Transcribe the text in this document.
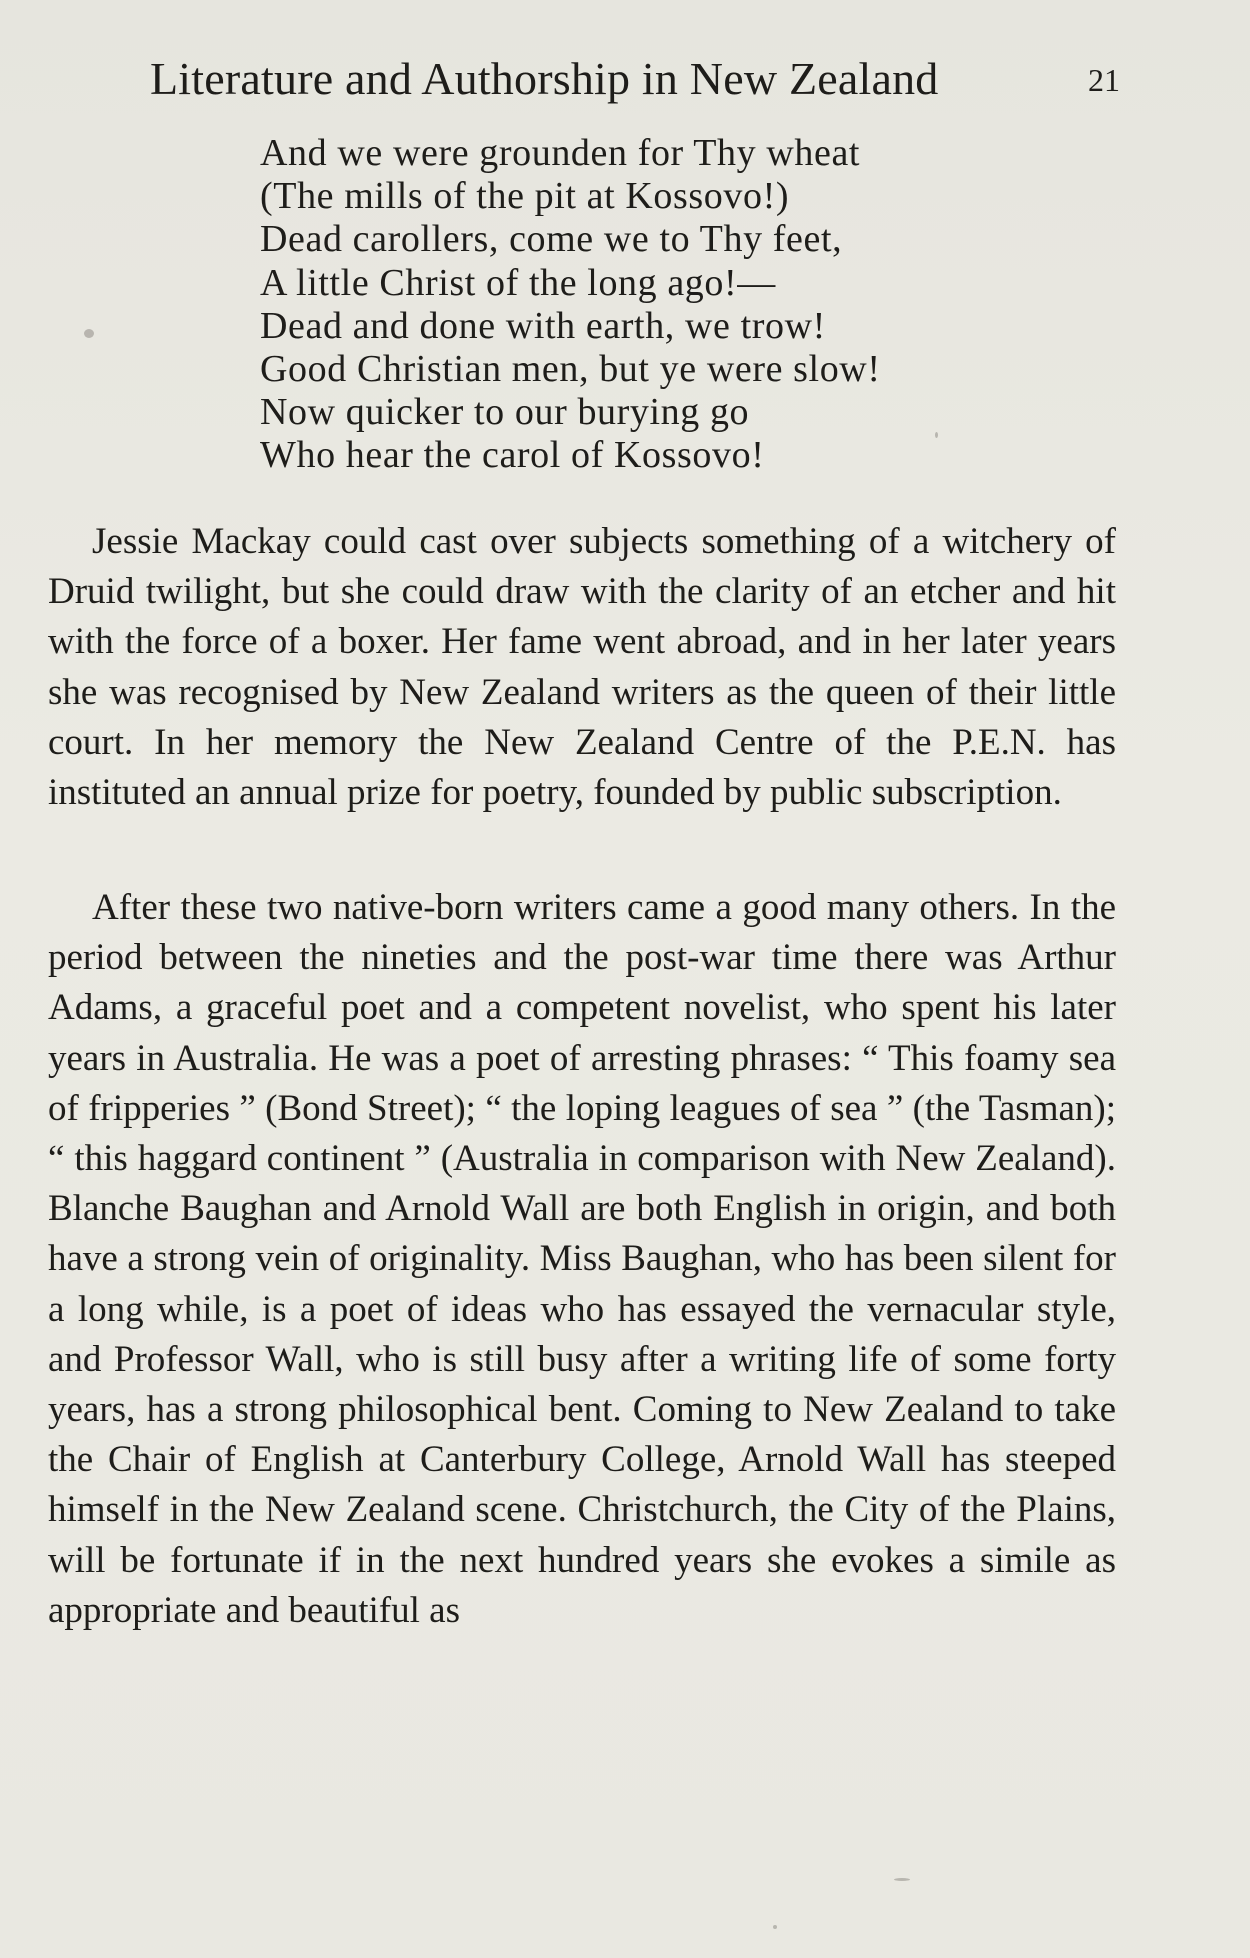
Literature and Authorship in New Zealand	21
And we were grounden for Thy wheat
(The mills of the pit at Kossovo!)
Dead carollers, come we to Thy feet,
A little Christ of the long ago!—
Dead and done with earth, we trow!
Good Christian men, but ye were slow!
Now quicker to our burying go
Who hear the carol of Kossovo!

Jessie Mackay could cast over subjects something of a witchery of Druid twilight, but she could draw with the clarity of an etcher and hit with the force of a boxer. Her fame went abroad, and in her later years she was recognised by New Zealand writers as the queen of their little court. In her memory the New Zealand Centre of the P.E.N. has instituted an annual prize for poetry, founded by public subscription.

After these two native-born writers came a good many others. In the period between the nineties and the post-war time there was Arthur Adams, a graceful poet and a competent novelist, who spent his later years in Australia. He was a poet of arresting phrases: “ This foamy sea of fripperies ” (Bond Street); “ the loping leagues of sea ” (the Tasman); “ this haggard continent ” (Australia in comparison with New Zealand). Blanche Baughan and Arnold Wall are both English in origin, and both have a strong vein of originality. Miss Baughan, who has been silent for a long while, is a poet of ideas who has essayed the vernacular style, and Professor Wall, who is still busy after a writing life of some forty years, has a strong philosophical bent. Coming to New Zealand to take the Chair of English at Canterbury College, Arnold Wall has steeped himself in the New Zealand scene. Christchurch, the City of the Plains, will be fortunate if in the next hundred years she evokes a simile as appropriate and beautiful as
